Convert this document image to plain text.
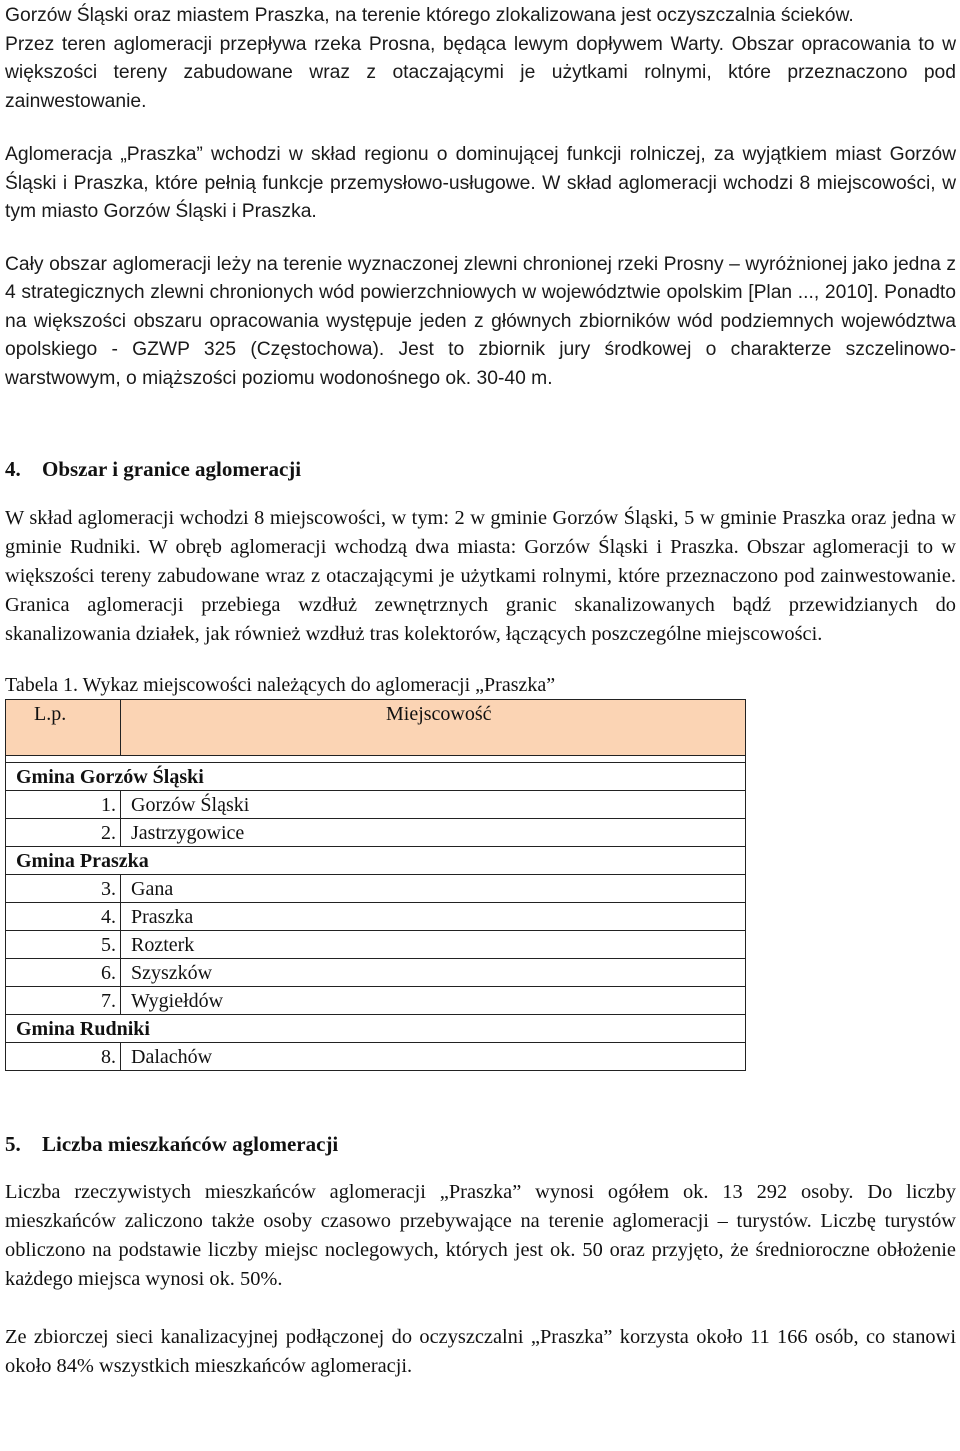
Gorzów Śląski oraz miastem Praszka, na terenie którego zlokalizowana jest oczyszczalnia ścieków.

Przez teren aglomeracji przepływa rzeka Prosna, będąca lewym dopływem Warty. Obszar opracowania to w większości tereny zabudowane wraz z otaczającymi je użytkami rolnymi, które przeznaczono pod zainwestowanie.

Aglomeracja „Praszka” wchodzi w skład regionu o dominującej funkcji rolniczej, za wyjątkiem miast Gorzów Śląski i Praszka, które pełnią funkcje przemysłowo-usługowe. W skład aglomeracji wchodzi 8 miejscowości, w tym miasto Gorzów Śląski i Praszka.

Cały obszar aglomeracji leży na terenie wyznaczonej zlewni chronionej rzeki Prosny – wyróżnionej jako jedna z 4 strategicznych zlewni chronionych wód powierzchniowych w województwie opolskim [Plan ..., 2010]. Ponadto na większości obszaru opracowania występuje jeden z głównych zbiorników wód podziemnych województwa opolskiego - GZWP 325 (Częstochowa). Jest to zbiornik jury środkowej o charakterze szczelinowo-warstwowym, o miąższości poziomu wodonośnego ok. 30-40 m.

4. Obszar i granice aglomeracji

W skład aglomeracji wchodzi 8 miejscowości, w tym: 2 w gminie Gorzów Śląski, 5 w gminie Praszka oraz jedna w gminie Rudniki. W obręb aglomeracji wchodzą dwa miasta: Gorzów Śląski i Praszka. Obszar aglomeracji to w większości tereny zabudowane wraz z otaczającymi je użytkami rolnymi, które przeznaczono pod zainwestowanie. Granica aglomeracji przebiega wzdłuż zewnętrznych granic skanalizowanych bądź przewidzianych do skanalizowania działek, jak również wzdłuż tras kolektorów, łączących poszczególne miejscowości.

Tabela 1. Wykaz miejscowości należących do aglomeracji „Praszka”
L.p.	Miejscowość

Gmina Gorzów Śląski	
1.	Gorzów Śląski
2.	Jastrzygowice
Gmina Praszka	
3.	Gana
4.	Praszka
5.	Rozterk
6.	Szyszków
7.	Wygiełdów
Gmina Rudniki	
8.	Dalachów
5. Liczba mieszkańców aglomeracji

Liczba rzeczywistych mieszkańców aglomeracji „Praszka” wynosi ogółem ok. 13 292 osoby. Do liczby mieszkańców zaliczono także osoby czasowo przebywające na terenie aglomeracji – turystów. Liczbę turystów obliczono na podstawie liczby miejsc noclegowych, których jest ok. 50 oraz przyjęto, że średnioroczne obłożenie każdego miejsca wynosi ok. 50%.

Ze zbiorczej sieci kanalizacyjnej podłączonej do oczyszczalni „Praszka” korzysta około 11 166 osób, co stanowi około 84% wszystkich mieszkańców aglomeracji.
